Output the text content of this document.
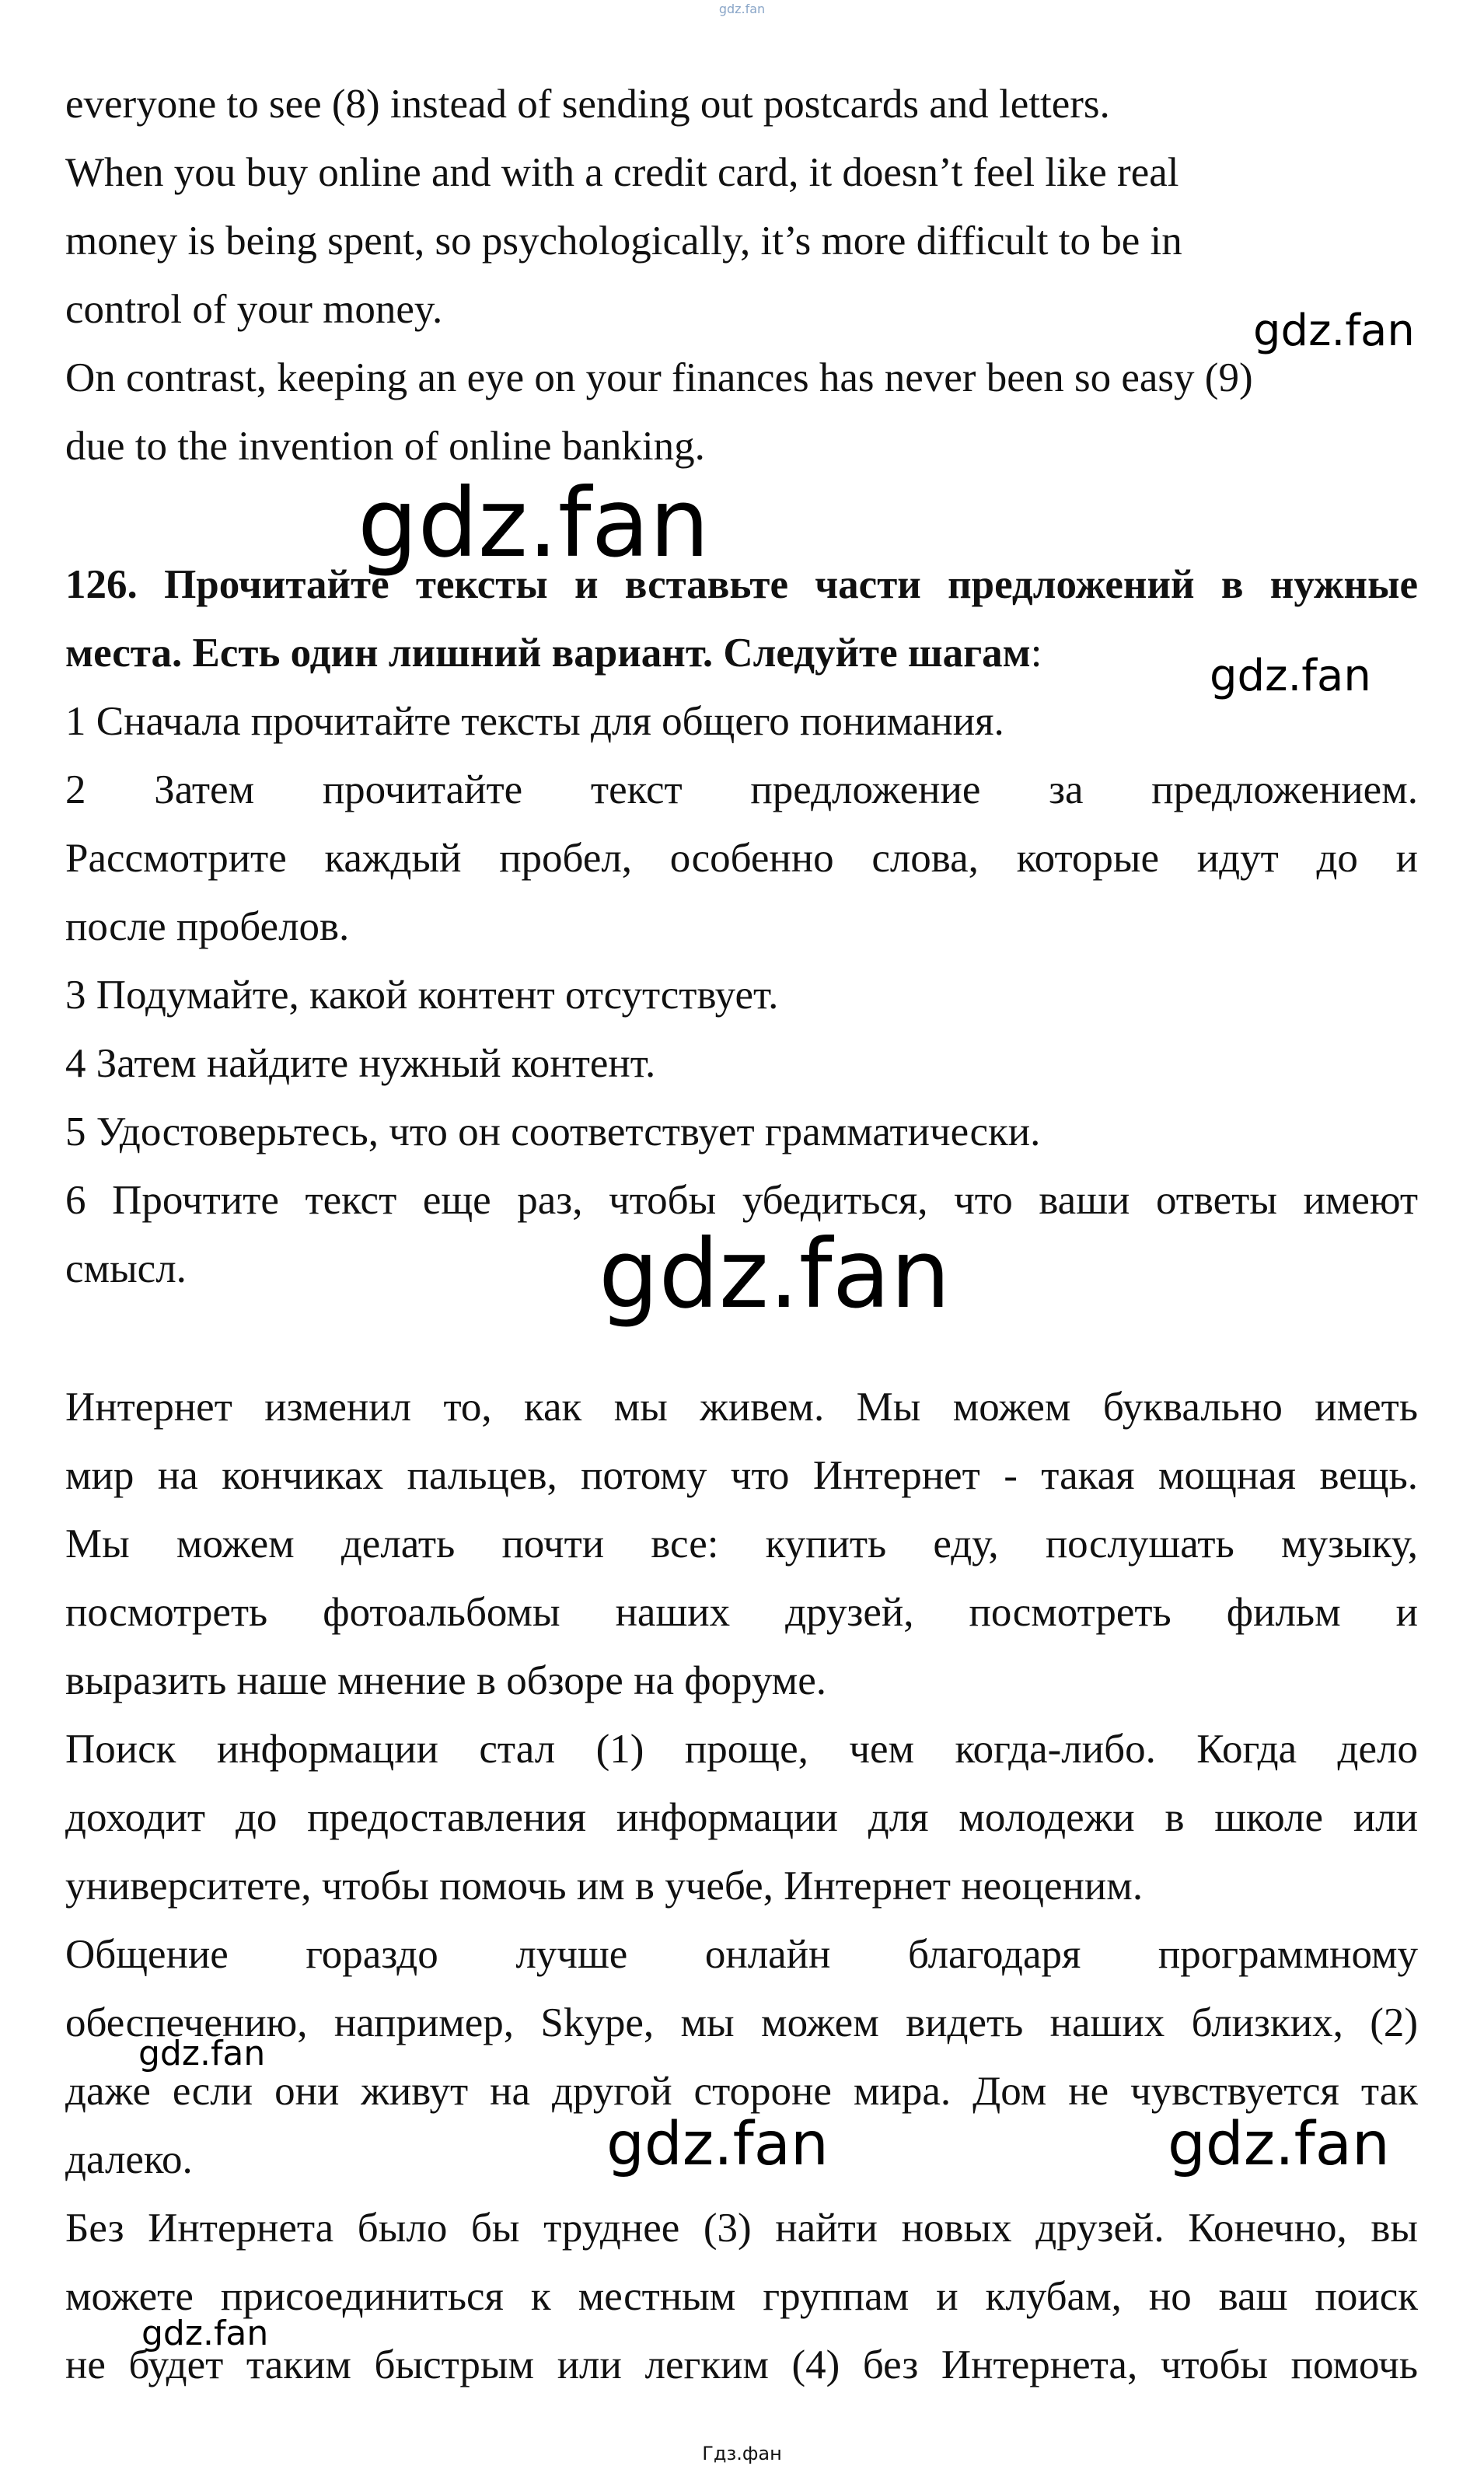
gdz.fan
everyone to see (8) instead of sending out postcards and letters.
When you buy online and with a credit card, it doesn’t feel like real
money is being spent, so psychologically, it’s more difficult to be in
control of your money.
On contrast, keeping an eye on your finances has never been so easy (9)
due to the invention of online banking.
126. Прочитайте тексты и вставьте части предложений в нужные
места. Есть один лишний вариант. Следуйте шагам:
1 Сначала прочитайте тексты для общего понимания.
2 Затем прочитайте текст предложение за предложением.
Рассмотрите каждый пробел, особенно слова, которые идут до и
после пробелов.
3 Подумайте, какой контент отсутствует.
4 Затем найдите нужный контент.
5 Удостоверьтесь, что он соответствует грамматически.
6 Прочтите текст еще раз, чтобы убедиться, что ваши ответы имеют
смысл.
Интернет изменил то, как мы живем. Мы можем буквально иметь
мир на кончиках пальцев, потому что Интернет - такая мощная вещь.
Мы можем делать почти все: купить еду, послушать музыку,
посмотреть фотоальбомы наших друзей, посмотреть фильм и
выразить наше мнение в обзоре на форуме.
Поиск информации стал (1) проще, чем когда-либо. Когда дело
доходит до предоставления информации для молодежи в школе или
университете, чтобы помочь им в учебе, Интернет неоценим.
Общение гораздо лучше онлайн благодаря программному
обеспечению, например, Skype, мы можем видеть наших близких, (2)
даже если они живут на другой стороне мира. Дом не чувствуется так
далеко.
Без Интернета было бы труднее (3) найти новых друзей. Конечно, вы
можете присоединиться к местным группам и клубам, но ваш поиск
не будет таким быстрым или легким (4) без Интернета, чтобы помочь
gdz.fan
gdz.fan
gdz.fan
gdz.fan
gdz.fan
gdz.fan	gdz.fan
gdz.fan
Гдз.фан
